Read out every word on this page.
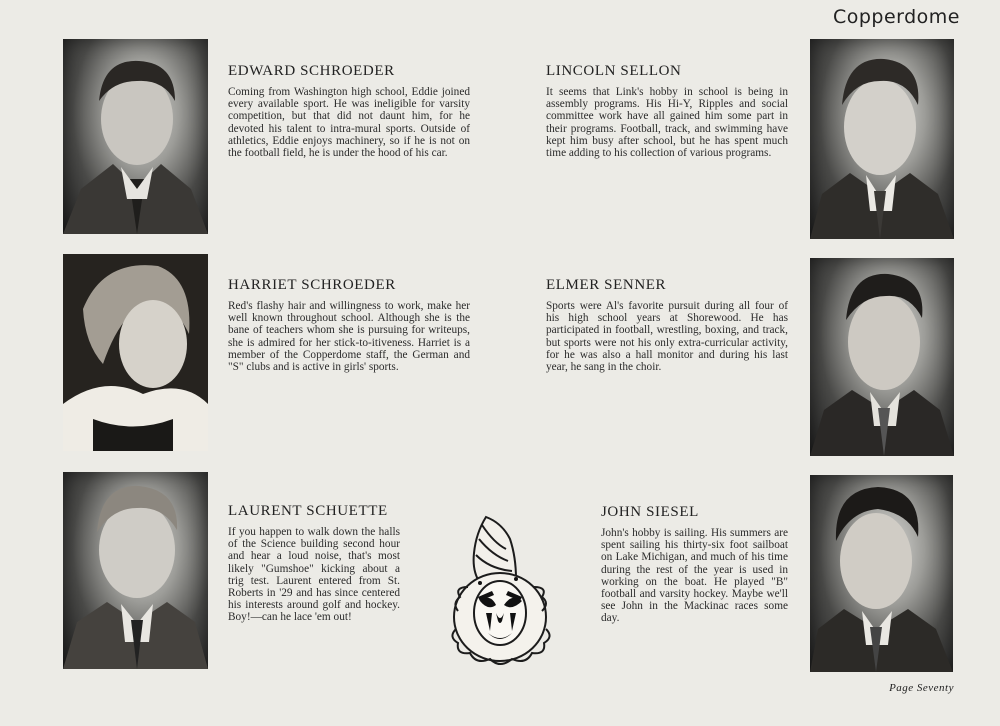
Copperdome
EDWARD SCHROEDER

Coming from Washington high school, Eddie joined every available sport. He was ineligible for varsity competition, but that did not daunt him, for he devoted his talent to intra-mural sports. Outside of athletics, Eddie enjoys machinery, so if he is not on the football field, he is under the hood of his car.

HARRIET SCHROEDER

Red's flashy hair and willingness to work, make her well known throughout school. Although she is the bane of teachers whom she is pursuing for writeups, she is admired for her stick-to-itiveness. Harriet is a member of the Copperdome staff, the German and "S" clubs and is active in girls' sports.

LAURENT SCHUETTE

If you happen to walk down the halls of the Science building second hour and hear a loud noise, that's most likely "Gumshoe" kicking about a trig test. Laurent entered from St. Roberts in '29 and has since centered his interests around golf and hockey. Boy!—can he lace 'em out!

LINCOLN SELLON

It seems that Link's hobby in school is being in assembly programs. His Hi-Y, Ripples and social committee work have all gained him some part in their programs. Football, track, and swimming have kept him busy after school, but he has spent much time adding to his collection of various programs.

ELMER SENNER

Sports were Al's favorite pursuit during all four of his high school years at Shorewood. He has participated in football, wrestling, boxing, and track, but sports were not his only extra-curricular activity, for he was also a hall monitor and during his last year, he sang in the choir.

JOHN SIESEL

John's hobby is sailing. His summers are spent sailing his thirty-six foot sailboat on Lake Michigan, and much of his time during the rest of the year is used in working on the boat. He played "B" football and varsity hockey. Maybe we'll see John in the Mackinac races some day.

Page Seventy
